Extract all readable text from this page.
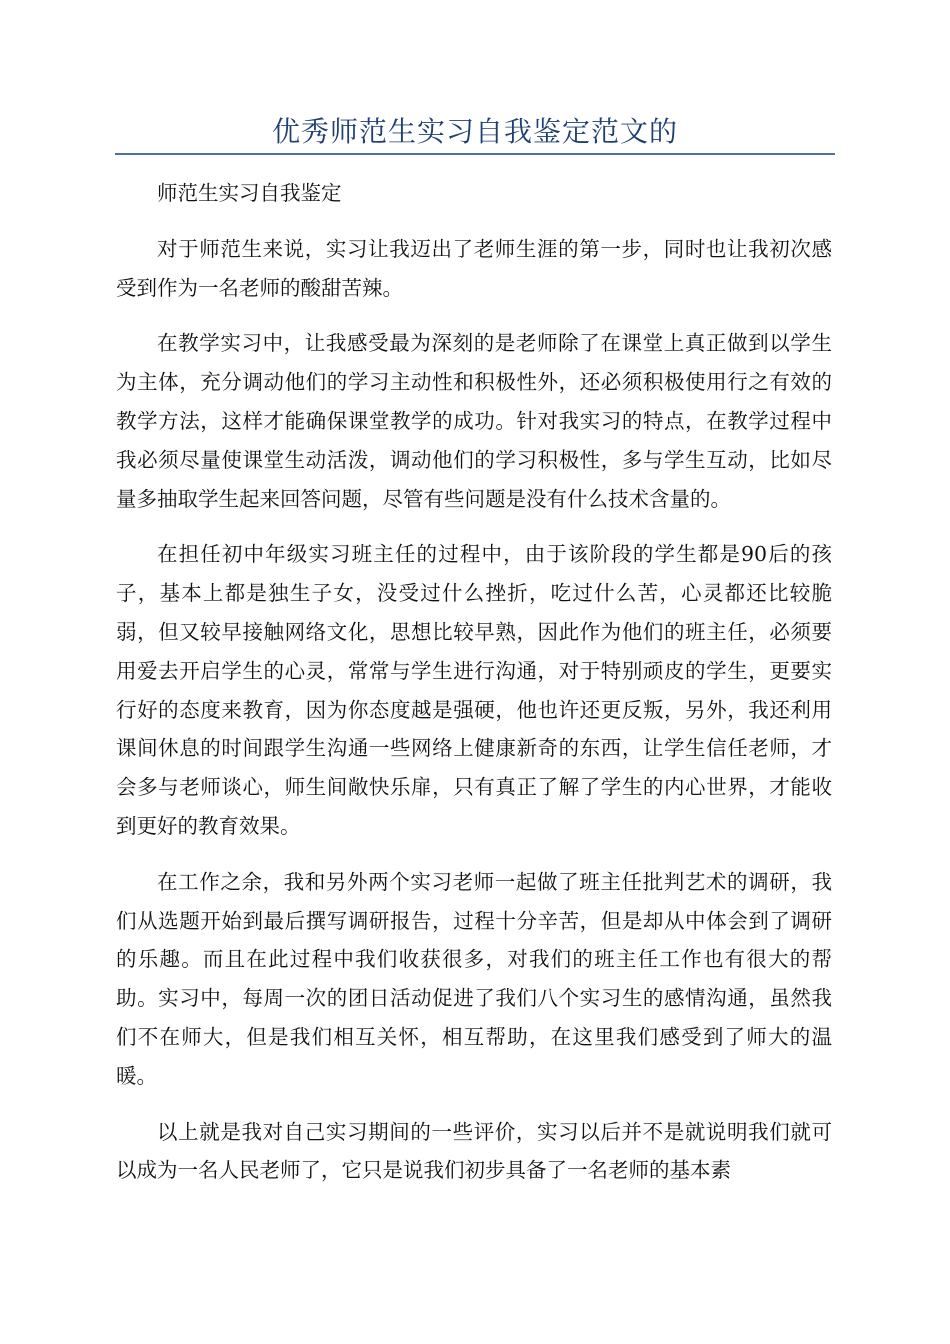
优秀师范生实习自我鉴定范文的

师范生实习自我鉴定

对于师范生来说，实习让我迈出了老师生涯的第一步，同时也让我初次感受到作为一名老师的酸甜苦辣。

在教学实习中，让我感受最为深刻的是老师除了在课堂上真正做到以学生为主体，充分调动他们的学习主动性和积极性外，还必须积极使用行之有效的教学方法，这样才能确保课堂教学的成功。针对我实习的特点，在教学过程中我必须尽量使课堂生动活泼，调动他们的学习积极性，多与学生互动，比如尽量多抽取学生起来回答问题，尽管有些问题是没有什么技术含量的。

在担任初中年级实习班主任的过程中，由于该阶段的学生都是90后的孩子，基本上都是独生子女，没受过什么挫折，吃过什么苦，心灵都还比较脆弱，但又较早接触网络文化，思想比较早熟，因此作为他们的班主任，必须要用爱去开启学生的心灵，常常与学生进行沟通，对于特别顽皮的学生，更要实行好的态度来教育，因为你态度越是强硬，他也许还更反叛，另外，我还利用课间休息的时间跟学生沟通一些网络上健康新奇的东西，让学生信任老师，才会多与老师谈心，师生间敞快乐扉，只有真正了解了学生的内心世界，才能收到更好的教育效果。

在工作之余，我和另外两个实习老师一起做了班主任批判艺术的调研，我们从选题开始到最后撰写调研报告，过程十分辛苦，但是却从中体会到了调研的乐趣。而且在此过程中我们收获很多，对我们的班主任工作也有很大的帮助。实习中，每周一次的团日活动促进了我们八个实习生的感情沟通，虽然我们不在师大，但是我们相互关怀，相互帮助，在这里我们感受到了师大的温暖。

以上就是我对自己实习期间的一些评价，实习以后并不是就说明我们就可以成为一名人民老师了，它只是说我们初步具备了一名老师的基本素
